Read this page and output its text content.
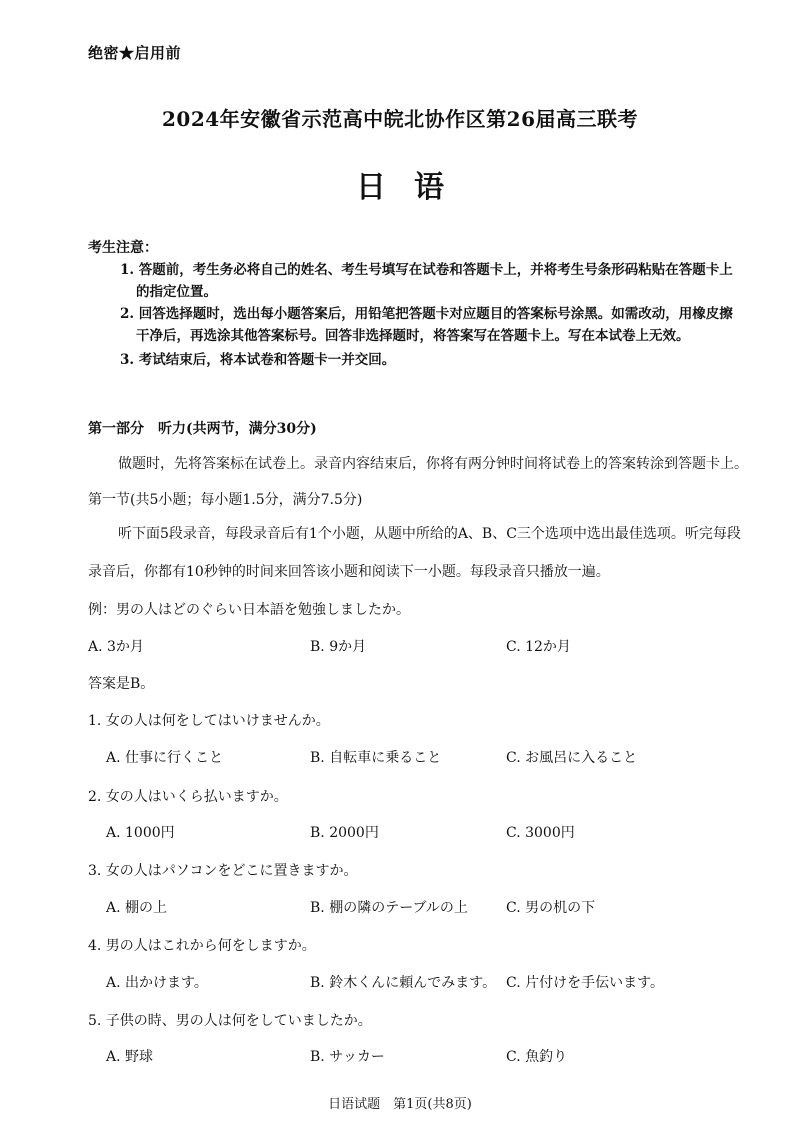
绝密★启用前
2024年安徽省示范高中皖北协作区第26届高三联考
日语
考生注意：
1. 答题前，考生务必将自己的姓名、考生号填写在试卷和答题卡上，并将考生号条形码粘贴在答题卡上
的指定位置。
2. 回答选择题时，选出每小题答案后，用铅笔把答题卡对应题目的答案标号涂黑。如需改动，用橡皮擦
干净后，再选涂其他答案标号。回答非选择题时，将答案写在答题卡上。写在本试卷上无效。
3. 考试结束后，将本试卷和答题卡一并交回。
第一部分 听力(共两节，满分30分)
做题时，先将答案标在试卷上。录音内容结束后，你将有两分钟时间将试卷上的答案转涂到答题卡上。
第一节(共5小题；每小题1.5分，满分7.5分)
听下面5段录音，每段录音后有1个小题，从题中所给的A、B、C三个选项中选出最佳选项。听完每段
录音后，你都有10秒钟的时间来回答该小题和阅读下一小题。每段录音只播放一遍。
例：男の人はどのぐらい日本語を勉強しましたか。
A. 3か月	B. 9か月	C. 12か月
答案是B。
1. 女の人は何をしてはいけませんか。
A. 仕事に行くこと	B. 自転車に乗ること	C. お風呂に入ること
2. 女の人はいくら払いますか。
A. 1000円	B. 2000円	C. 3000円
3. 女の人はパソコンをどこに置きますか。
A. 棚の上	B. 棚の隣のテーブルの上	C. 男の机の下
4. 男の人はこれから何をしますか。
A. 出かけます。	B. 鈴木くんに頼んでみます。 C. 片付けを手伝います。
5. 子供の時、男の人は何をしていましたか。
A. 野球	B. サッカー	C. 魚釣り
日语试题　第1页(共8页)
